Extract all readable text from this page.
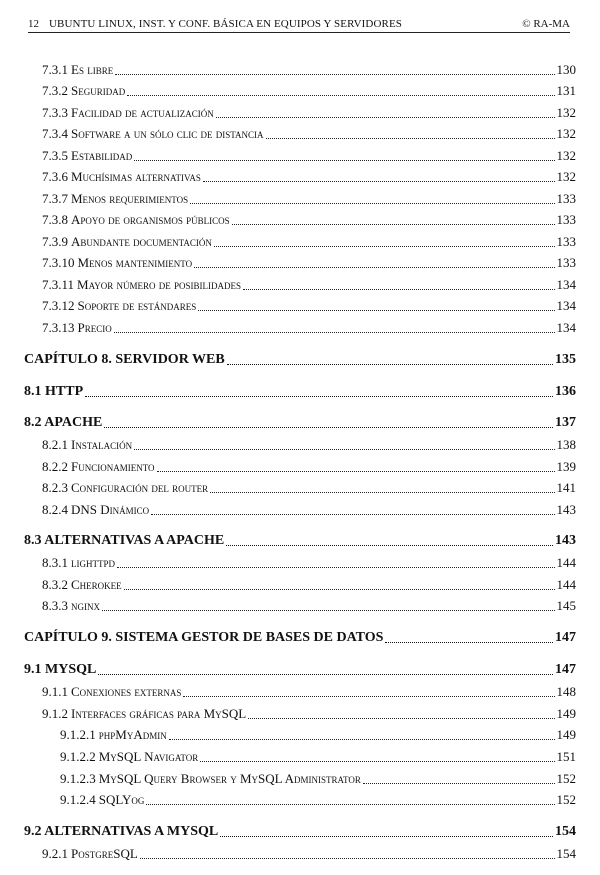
12 UBUNTU LINUX, INST. Y CONF. BÁSICA EN EQUIPOS Y SERVIDORES	© RA-MA
7.3.1 Es libre	130
7.3.2 Seguridad	131
7.3.3 Facilidad de actualización	132
7.3.4 Software a un sólo clic de distancia	132
7.3.5 Estabilidad	132
7.3.6 Muchísimas alternativas	132
7.3.7 Menos requerimientos	133
7.3.8 Apoyo de organismos públicos	133
7.3.9 Abundante documentación	133
7.3.10 Menos mantenimiento	133
7.3.11 Mayor número de posibilidades	134
7.3.12 Soporte de estándares	134
7.3.13 Precio	134
CAPÍTULO 8. SERVIDOR WEB	135
8.1 HTTP	136
8.2 APACHE	137
8.2.1 Instalación	138
8.2.2 Funcionamiento	139
8.2.3 Configuración del router	141
8.2.4 DNS Dinámico	143
8.3 ALTERNATIVAS A APACHE	143
8.3.1 lighttpd	144
8.3.2 Cherokee	144
8.3.3 nginx	145
CAPÍTULO 9. SISTEMA GESTOR DE BASES DE DATOS	147
9.1 MYSQL	147
9.1.1 Conexiones externas	148
9.1.2 Interfaces gráficas para MySQL	149
9.1.2.1 phpMyAdmin	149
9.1.2.2 MySQL Navigator	151
9.1.2.3 MySQL Query Browser y MySQL Administrator	152
9.1.2.4 SQLYog	152
9.2 ALTERNATIVAS A MYSQL	154
9.2.1 PostgreSQL	154
